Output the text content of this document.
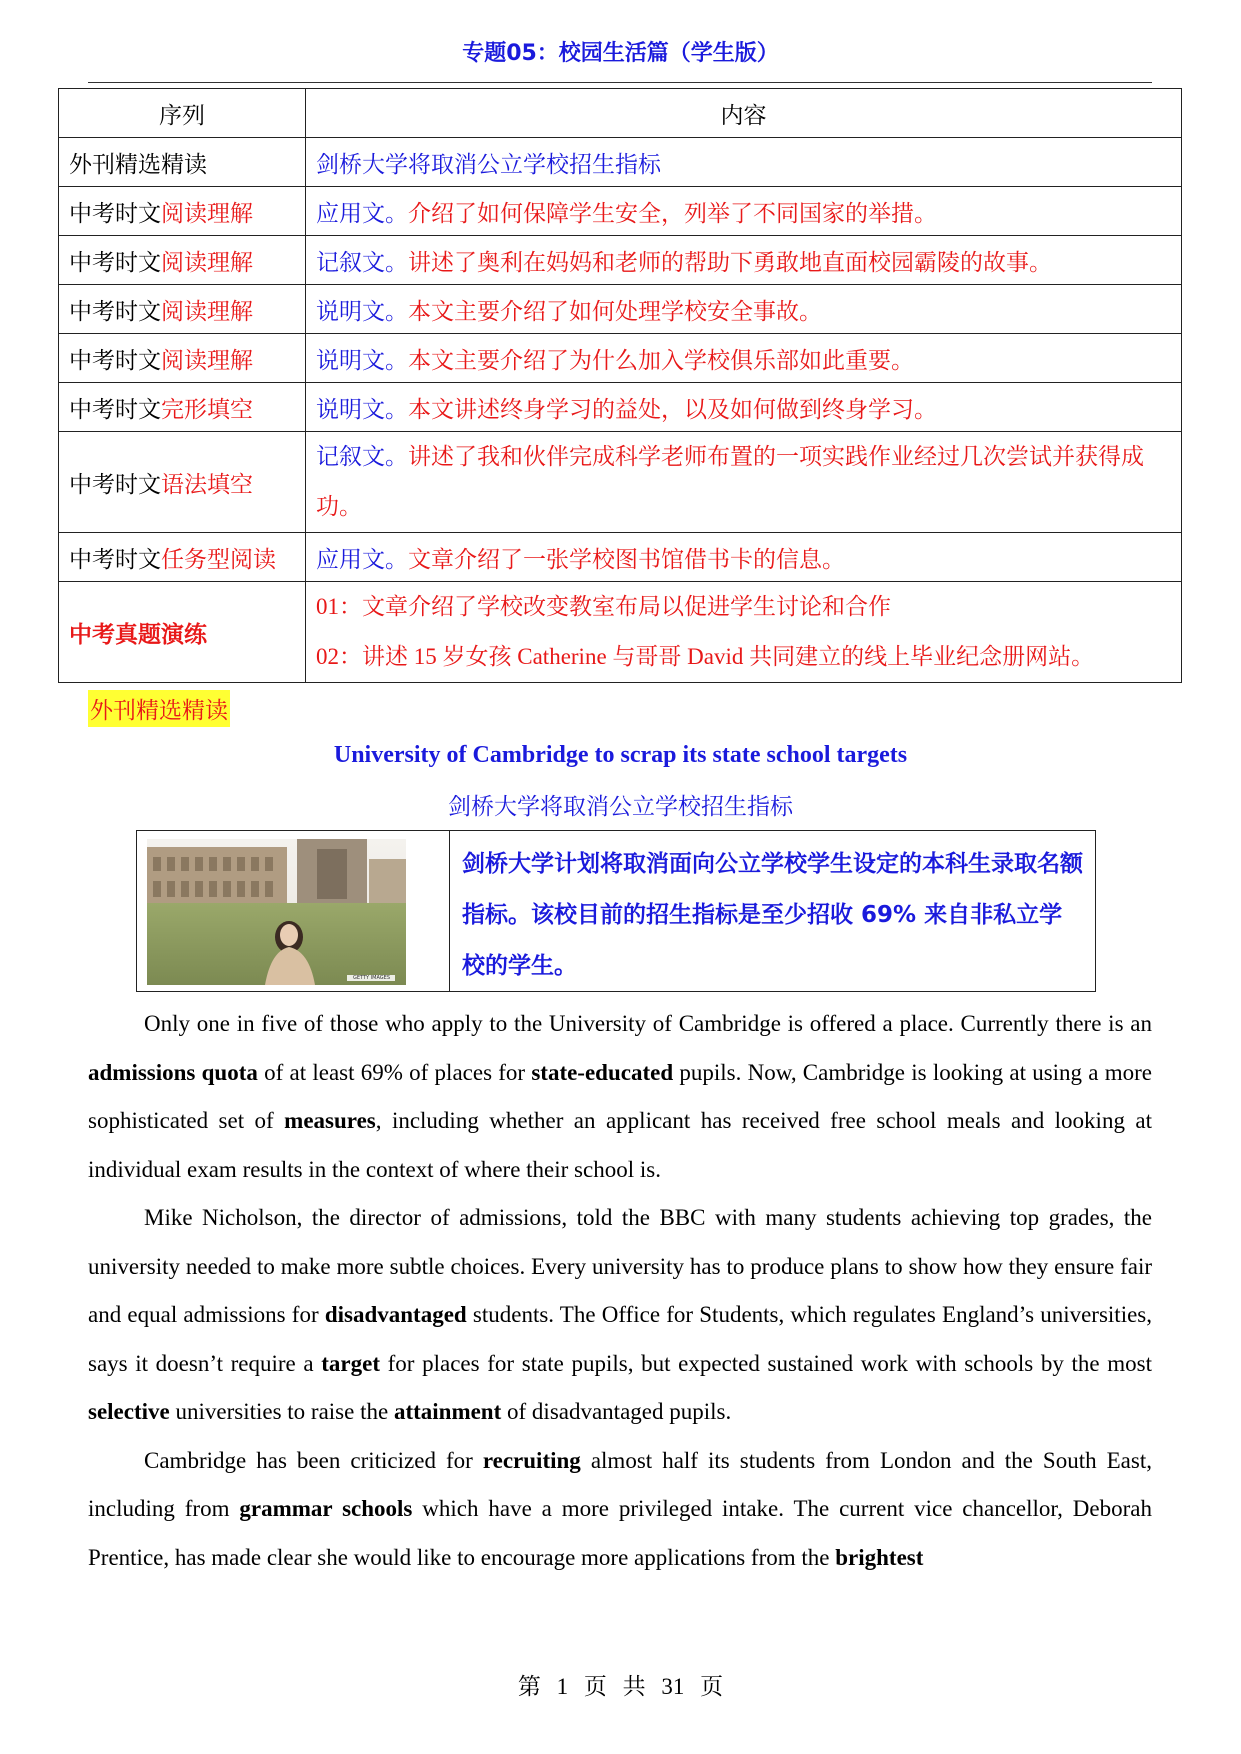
专题05：校园生活篇（学生版）
序列	内容
外刊精选精读	剑桥大学将取消公立学校招生指标
中考时文阅读理解	应用文。介绍了如何保障学生安全，列举了不同国家的举措。
中考时文阅读理解	记叙文。讲述了奥利在妈妈和老师的帮助下勇敢地直面校园霸陵的故事。
中考时文阅读理解	说明文。本文主要介绍了如何处理学校安全事故。
中考时文阅读理解	说明文。本文主要介绍了为什么加入学校俱乐部如此重要。
中考时文完形填空	说明文。本文讲述终身学习的益处，以及如何做到终身学习。
中考时文语法填空	记叙文。讲述了我和伙伴完成科学老师布置的一项实践作业经过几次尝试并获得成功。
中考时文任务型阅读	应用文。文章介绍了一张学校图书馆借书卡的信息。
中考真题演练	01：文章介绍了学校改变教室布局以促进学生讨论和合作
02：讲述 15 岁女孩 Catherine 与哥哥 David 共同建立的线上毕业纪念册网站。
外刊精选精读
University of Cambridge to scrap its state school targets
剑桥大学将取消公立学校招生指标
GETTY IMAGES
剑桥大学计划将取消面向公立学校学生设定的本科生录取名额指标。该校目前的招生指标是至少招收 69% 来自非私立学校的学生。

Only one in five of those who apply to the University of Cambridge is offered a place. Currently there is an admissions quota of at least 69% of places for state-educated pupils. Now, Cambridge is looking at using a more sophisticated set of measures, including whether an applicant has received free school meals and looking at individual exam results in the context of where their school is.

Mike Nicholson, the director of admissions, told the BBC with many students achieving top grades, the university needed to make more subtle choices. Every university has to produce plans to show how they ensure fair and equal admissions for disadvantaged students. The Office for Students, which regulates England’s universities, says it doesn’t require a target for places for state pupils, but expected sustained work with schools by the most selective universities to raise the attainment of disadvantaged pupils.

Cambridge has been criticized for recruiting almost half its students from London and the South East, including from grammar schools which have a more privileged intake. The current vice chancellor, Deborah Prentice, has made clear she would like to encourage more applications from the brightest

第 1 页 共 31 页
